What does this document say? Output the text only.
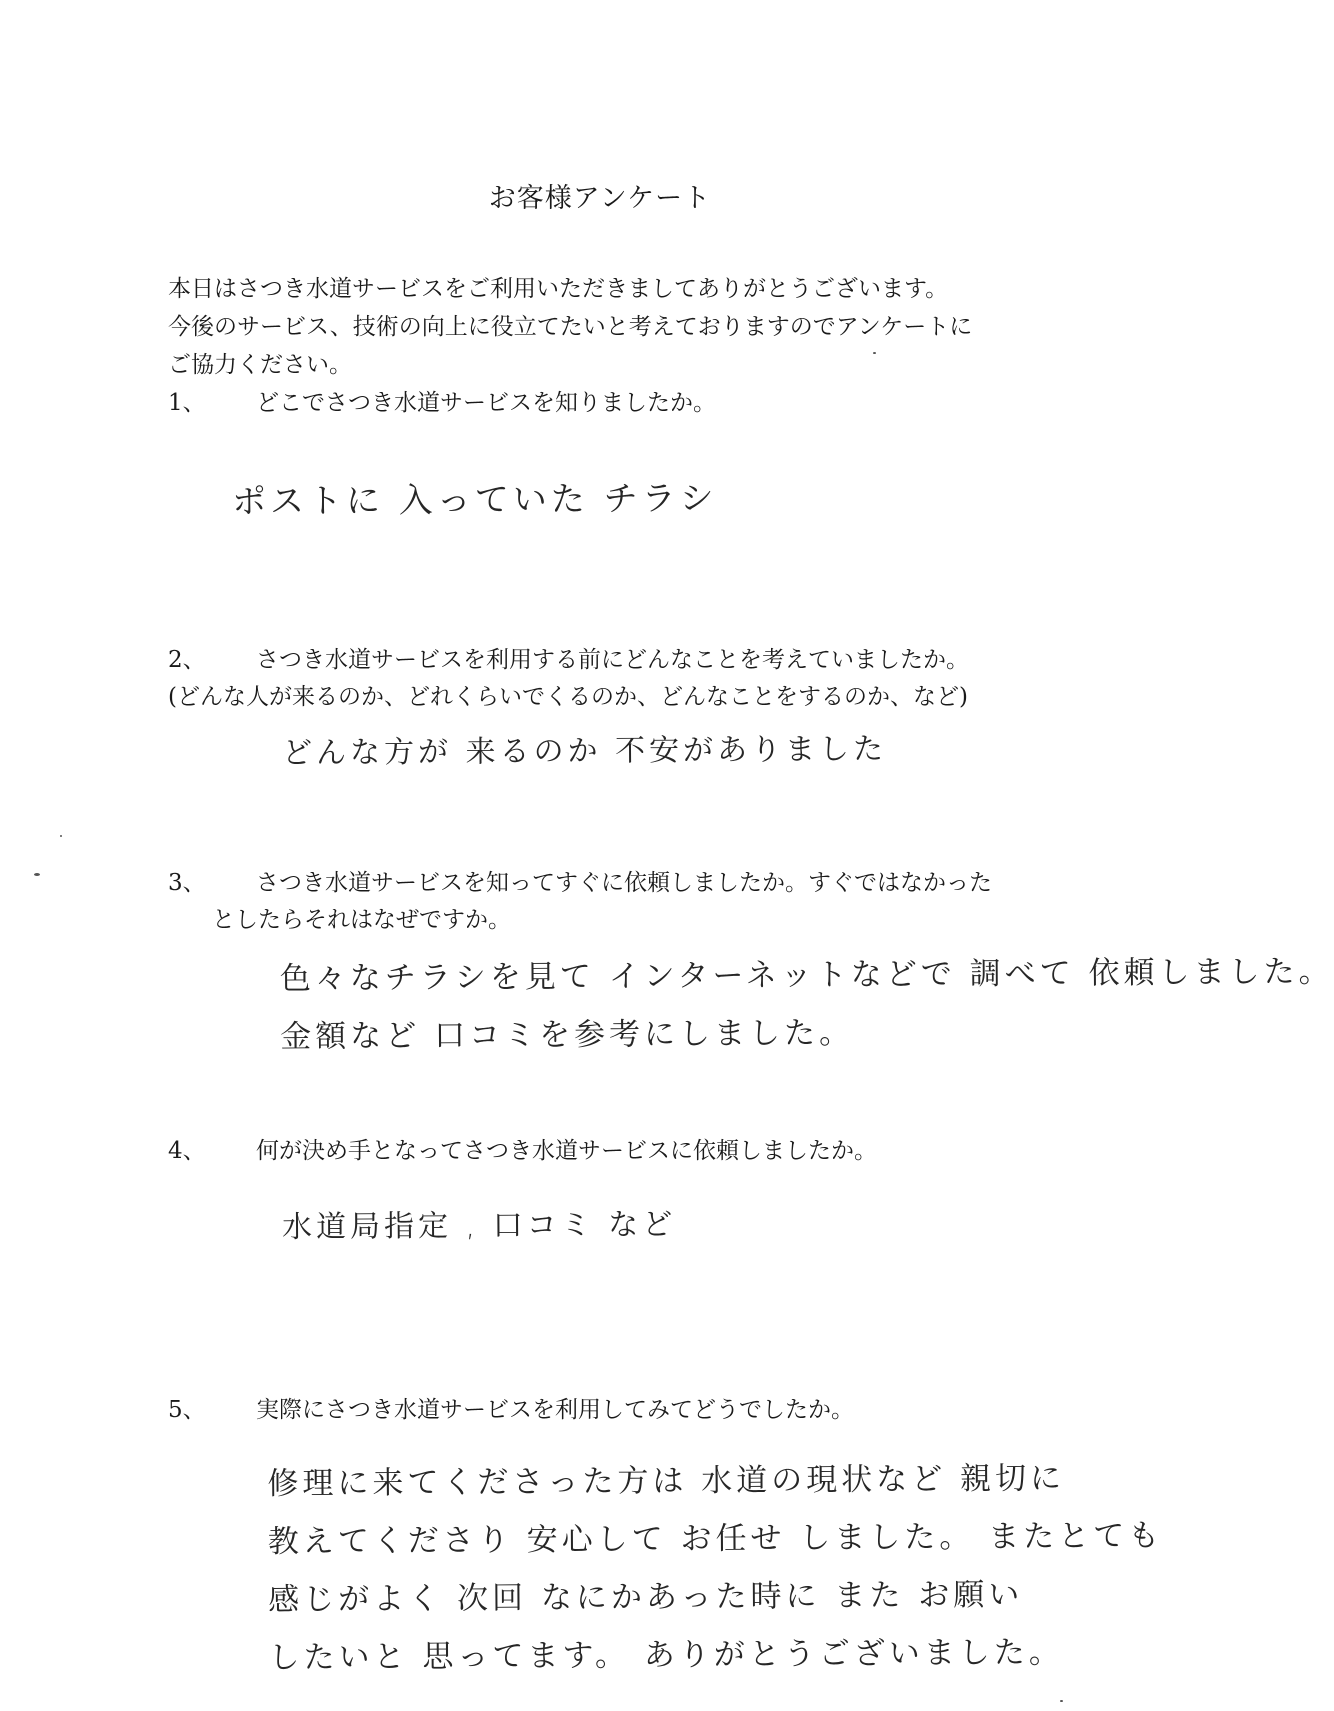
お客様アンケート
本日はさつき水道サービスをご利用いただきましてありがとうございます。
今後のサービス、技術の向上に役立てたいと考えておりますのでアンケートに
ご協力ください。
1、 どこでさつき水道サービスを知りましたか。
ポストに 入っていた チラシ
2、 さつき水道サービスを利用する前にどんなことを考えていましたか。
(どんな人が来るのか、どれくらいでくるのか、どんなことをするのか、など)
どんな方が 来るのか 不安がありました
3、 さつき水道サービスを知ってすぐに依頼しましたか。すぐではなかった
としたらそれはなぜですか。
色々なチラシを見て インターネットなどで 調べて 依頼しました。
金額など 口コミを参考にしました。
4、 何が決め手となってさつき水道サービスに依頼しましたか。
水道局指定 , 口コミ など
5、 実際にさつき水道サービスを利用してみてどうでしたか。
修理に来てくださった方は 水道の現状など 親切に
教えてくださり 安心して お任せ しました。 またとても
感じがよく 次回 なにかあった時に また お願い
したいと 思ってます。 ありがとうございました。
